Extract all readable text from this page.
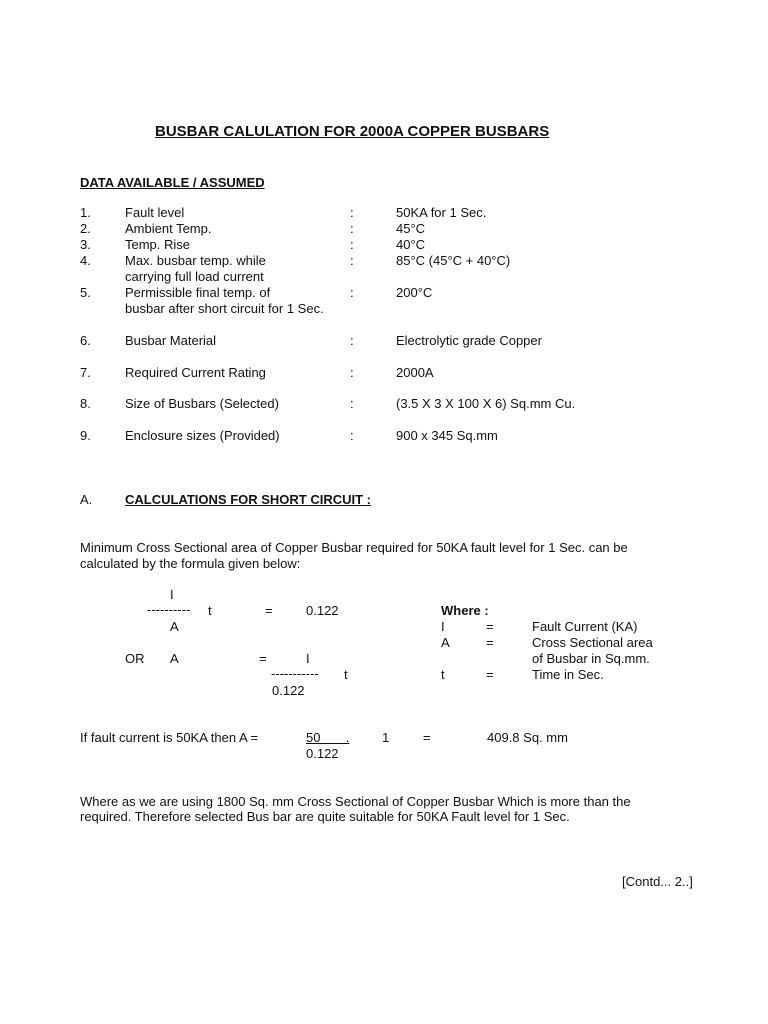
BUSBAR CALULATION FOR 2000A COPPER BUSBARS
DATA AVAILABLE / ASSUMED
1.	Fault level	:	50KA for 1 Sec.
2.	Ambient Temp.	:	45°C
3.	Temp. Rise	:	40°C
4.	Max. busbar temp. while
carrying full load current
:	85°C (45°C + 40°C)
5.	Permissible final temp. of
busbar after short circuit for 1 Sec.
:	200°C
6.	Busbar Material	:	Electrolytic grade Copper
7.	Required Current Rating	:	2000A
8.	Size of Busbars (Selected)	:	(3.5 X 3 X 100 X 6) Sq.mm Cu.
9.	Enclosure sizes (Provided)	:	900 x 345 Sq.mm
A.	CALCULATIONS FOR SHORT CIRCUIT :
Minimum Cross Sectional area of Copper Busbar required for 50KA fault level for 1 Sec. can be
calculated by the formula given below:
I
---------- t	=	0.122
A
OR A	=	I
----------- t
0.122
Where :
I	=	Fault Current (KA)
A	=	Cross Sectional area
of Busbar in Sq.mm.
t	=	Time in Sec.
If fault current is 50KA then A =	50       .	1	=	409.8 Sq. mm
0.122
Where as we are using 1800 Sq. mm Cross Sectional of Copper Busbar Which is more than the
required. Therefore selected Bus bar are quite suitable for 50KA Fault level for 1 Sec.
[Contd... 2..]
